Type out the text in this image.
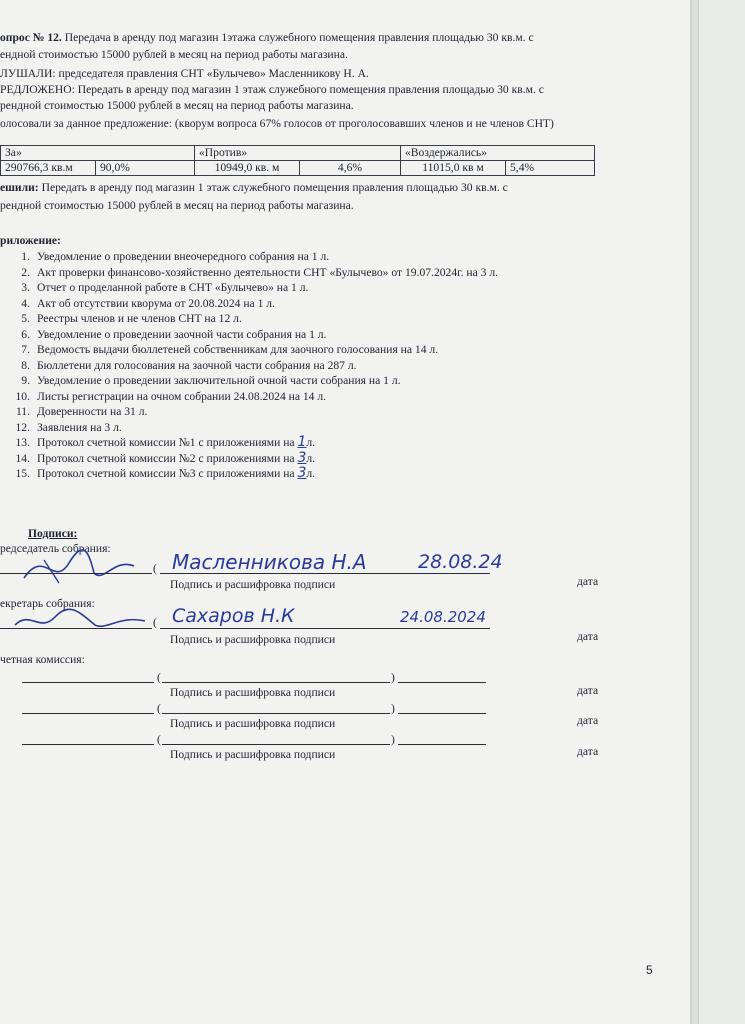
опрос № 12. Передача в аренду под магазин 1этажа служебного помещения правления площадью 30 кв.м. с
ендной стоимостью 15000 рублей в месяц на период работы магазина.
ЛУШАЛИ: председателя правления СНТ «Булычево» Масленникову Н. А.
РЕДЛОЖЕНО: Передать в аренду под магазин 1 этаж служебного помещения правления площадью 30 кв.м. с
рендной стоимостью 15000 рублей в месяц на период работы магазина.
олосовали за данное предложение: (кворум вопроса 67% голосов от проголосовавших членов и не членов СНТ)
За»		«Против»		«Воздержались»	
290766,3 кв.м	90,0%	10949,0 кв. м	4,6%	11015,0 кв м	5,4%
ешили: Передать в аренду под магазин 1 этаж служебного помещения правления площадью 30 кв.м. с
рендной стоимостью 15000 рублей в месяц на период работы магазина.
риложение:
1. Уведомление о проведении внеочередного собрания на 1 л.
2. Акт проверки финансово-хозяйственно деятельности СНТ «Булычево» от 19.07.2024г. на 3 л.
3. Отчет о проделанной работе в СНТ «Булычево» на 1 л.
4. Акт об отсутствии кворума от 20.08.2024 на 1 л.
5. Реестры членов и не членов СНТ на 12 л.
6. Уведомление о проведении заочной части собрания на 1 л.
7. Ведомость выдачи бюллетеней собственникам для заочного голосования на 14 л.
8. Бюллетени для голосования на заочной части собрания на 287 л.
9. Уведомление о проведении заключительной очной части собрания на 1 л.
10. Листы регистрации на очном собрании 24.08.2024 на 14 л.
11. Доверенности на 31 л.
12. Заявления на 3 л.
13. Протокол счетной комиссии №1 с приложениями на 1л.
14. Протокол счетной комиссии №2 с приложениями на 3л.
15. Протокол счетной комиссии №3 с приложениями на 3л.
Подписи:
редседатель собрания:
( Масленникова Н.А	28.08.24
Подпись и расшифровка подписи	дата
екретарь собрания:
( Сахаров Н.К	24.08.2024
Подпись и расшифровка подписи	дата
четная комиссия:
(	)
Подпись и расшифровка подписи	дата
(	)
Подпись и расшифровка подписи	дата
(	)
Подпись и расшифровка подписи	дата
5
